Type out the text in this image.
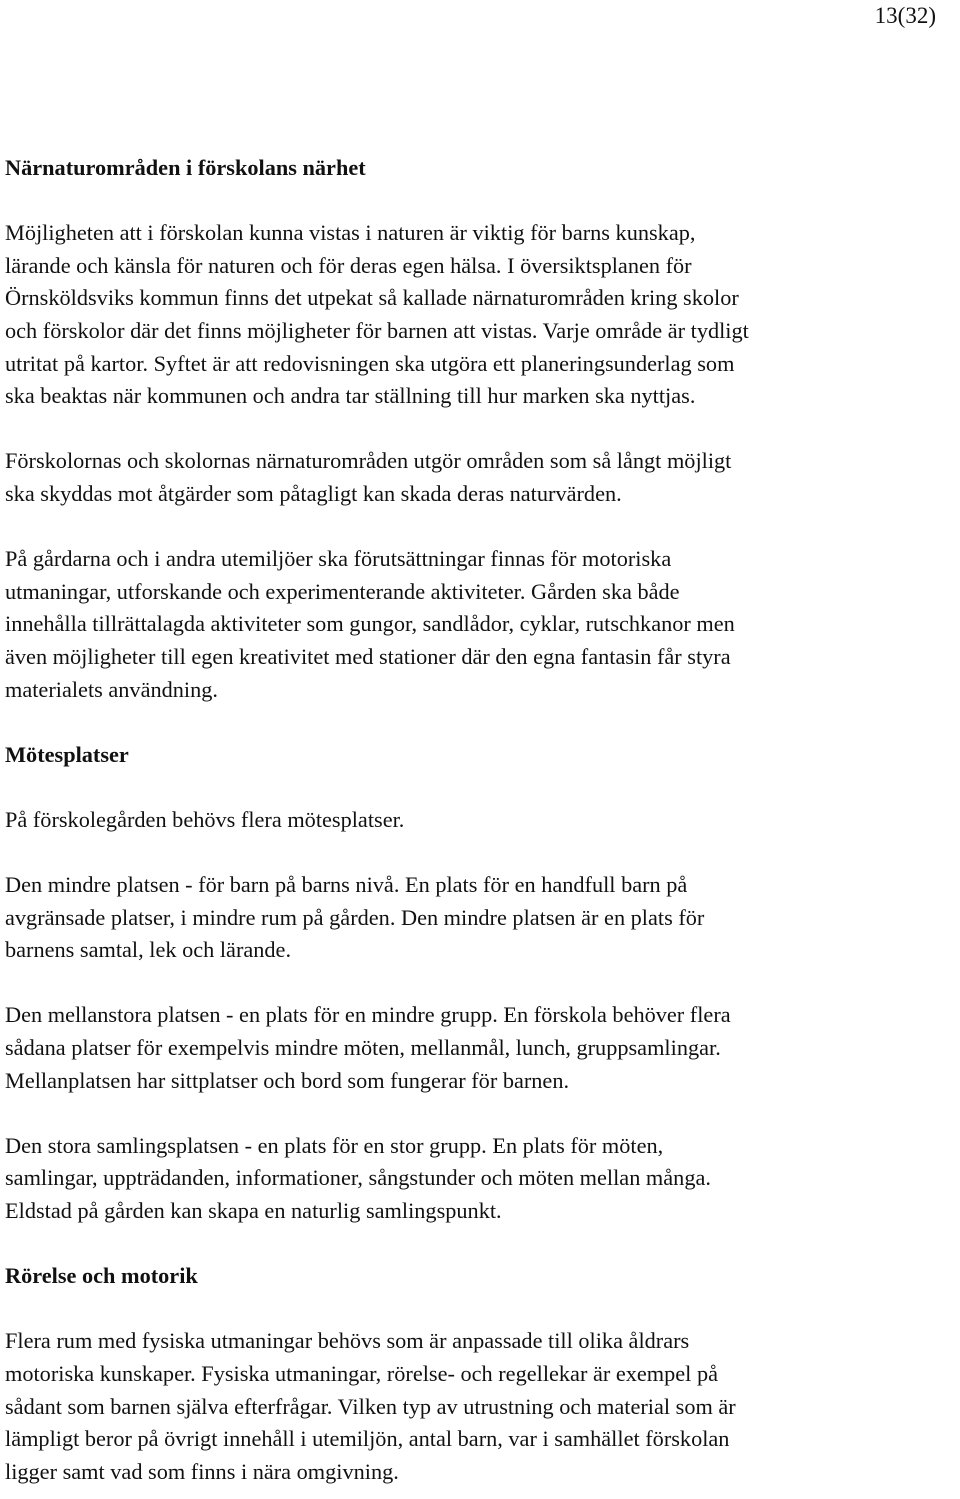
13(32)
Närnaturområden i förskolans närhet

Möjligheten att i förskolan kunna vistas i naturen är viktig för barns kunskap,
lärande och känsla för naturen och för deras egen hälsa. I översiktsplanen för
Örnsköldsviks kommun finns det utpekat så kallade närnaturområden kring skolor
och förskolor där det finns möjligheter för barnen att vistas. Varje område är tydligt
utritat på kartor. Syftet är att redovisningen ska utgöra ett planeringsunderlag som
ska beaktas när kommunen och andra tar ställning till hur marken ska nyttjas.

Förskolornas och skolornas närnaturområden utgör områden som så långt möjligt
ska skyddas mot åtgärder som påtagligt kan skada deras naturvärden.

På gårdarna och i andra utemiljöer ska förutsättningar finnas för motoriska
utmaningar, utforskande och experimenterande aktiviteter. Gården ska både
innehålla tillrättalagda aktiviteter som gungor, sandlådor, cyklar, rutschkanor men
även möjligheter till egen kreativitet med stationer där den egna fantasin får styra
materialets användning.

Mötesplatser

På förskolegården behövs flera mötesplatser.

Den mindre platsen - för barn på barns nivå. En plats för en handfull barn på
avgränsade platser, i mindre rum på gården. Den mindre platsen är en plats för
barnens samtal, lek och lärande.

Den mellanstora platsen - en plats för en mindre grupp. En förskola behöver flera
sådana platser för exempelvis mindre möten, mellanmål, lunch, gruppsamlingar.
Mellanplatsen har sittplatser och bord som fungerar för barnen.

Den stora samlingsplatsen - en plats för en stor grupp. En plats för möten,
samlingar, uppträdanden, informationer, sångstunder och möten mellan många.
Eldstad på gården kan skapa en naturlig samlingspunkt.

Rörelse och motorik

Flera rum med fysiska utmaningar behövs som är anpassade till olika åldrars
motoriska kunskaper. Fysiska utmaningar, rörelse- och regellekar är exempel på
sådant som barnen själva efterfrågar. Vilken typ av utrustning och material som är
lämpligt beror på övrigt innehåll i utemiljön, antal barn, var i samhället förskolan
ligger samt vad som finns i nära omgivning.
